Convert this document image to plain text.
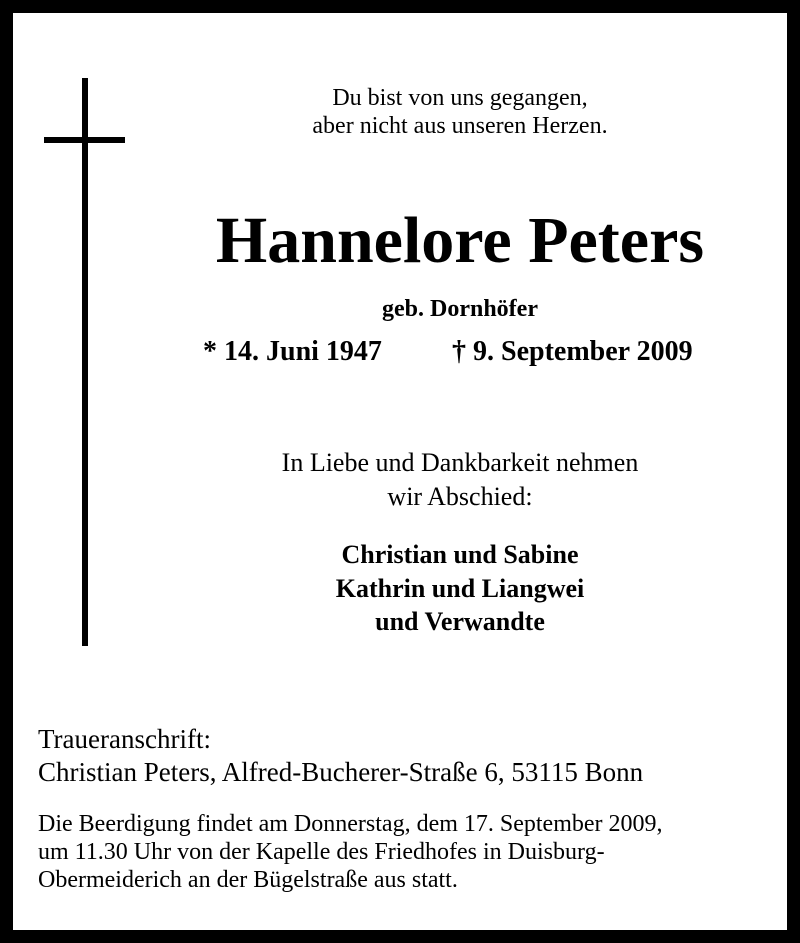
Du bist von uns gegangen,
aber nicht aus unseren Herzen.
Hannelore Peters
geb. Dornhöfer
* 14. Juni 1947	† 9. September 2009
In Liebe und Dankbarkeit nehmen
wir Abschied:
Christian und Sabine
Kathrin und Liangwei
und Verwandte
Traueranschrift:
Christian Peters, Alfred-Bucherer-Straße 6, 53115 Bonn
Die Beerdigung findet am Donnerstag, dem 17. September 2009,
um 11.30 Uhr von der Kapelle des Friedhofes in Duisburg-
Obermeiderich an der Bügelstraße aus statt.
